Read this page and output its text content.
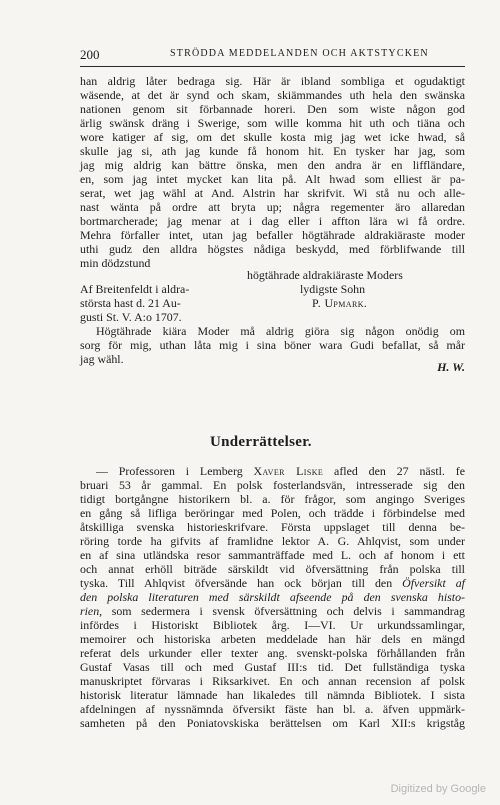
200	STRÖDDA MEDDELANDEN OCH AKTSTYCKEN
han aldrig låter bedraga sig. Här är ibland sombliga et ogudaktigt
wäsende, at det är synd och skam, skiämmandes uth hela den swänska
nationen genom sit förbannade horeri. Den som wiste någon god
ärlig swänsk dräng i Swerige, som wille komma hit uth och tiäna och
wore katiger af sig, om det skulle kosta mig jag wet icke hwad, så
skulle jag si, ath jag kunde få honom hit. En tysker har jag, som
jag mig aldrig kan bättre önska, men den andra är en liffländare,
en, som jag intet mycket kan lita på. Alt hwad som elliest är pa-
serat, wet jag wähl at And. Alstrin har skrifvit. Wi stå nu och alle-
nast wänta på ordre att bryta up; några regementer äro allaredan
bortmarcherade; jag menar at i dag eller i affton lära wi få ordre.
Mehra förfaller intet, utan jag befaller högtährade aldrakiäraste moder
uthi gudz den alldra högstes nådiga beskydd, med förblifwande till
min dödzstund
högtährade aldrakiäraste Moders
Af Breitenfeldt i aldra-	lydigste Sohn
största hast d. 21 Au-	P. Upmark.
gusti St. V. A:o 1707.
Högtährade kiära Moder må aldrig giöra sig någon onödig om
sorg för mig, uthan låta mig i sina böner wara Gudi befallat, så mår
jag wähl.
H. W.
Underrättelser.
— Professoren i Lemberg Xaver Liske afled den 27 nästl. fe
bruari 53 år gammal. En polsk fosterlandsvän, intresserade sig den
tidigt bortgångne historikern bl. a. för frågor, som angingo Sveriges
en gång så lifliga beröringar med Polen, och trädde i förbindelse med
åtskilliga svenska historieskrifvare. Första uppslaget till denna be-
röring torde ha gifvits af framlidne lektor A. G. Ahlqvist, som under
en af sina utländska resor sammanträffade med L. och af honom i ett
och annat erhöll biträde särskildt vid öfversättning från polska till
tyska. Till Ahlqvist öfversände han ock början till den Öfversikt af
den polska literaturen med särskildt afseende på den svenska histo-
rien, som sedermera i svensk öfversättning och delvis i sammandrag
infördes i Historiskt Bibliotek årg. I—VI. Ur urkundssamlingar,
memoirer och historiska arbeten meddelade han här dels en mängd
referat dels urkunder eller texter ang. svenskt-polska förhållanden från
Gustaf Vasas till och med Gustaf III:s tid. Det fullständiga tyska
manuskriptet förvaras i Riksarkivet. En och annan recension af polsk
historisk literatur lämnade han likaledes till nämnda Bibliotek. I sista
afdelningen af nyssnämnda öfversikt fäste han bl. a. äfven uppmärk-
samheten på den Poniatovskiska berättelsen om Karl XII:s krigståg
Digitized by Google
